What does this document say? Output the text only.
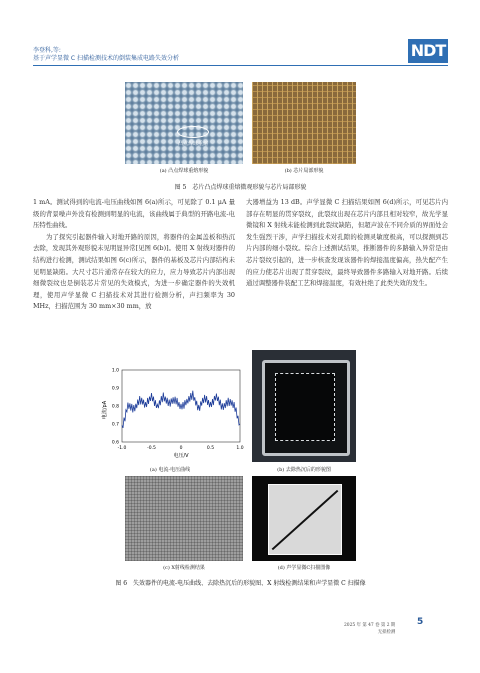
李登科,等:
基于声学显微 C 扫描检测技术的倒装集成电路失效分析	NDT
凸点焊球重熔
(a) 凸点焊球重熔形貌	(b) 芯片局部形貌
图 5　芯片凸点焊球重熔微观形貌与芯片局部形貌

1 mA。测试得到的电流-电压曲线如图 6(a)所示，可见除了 0.1 μA 量级的背景噪声外没有检测到明显的电流，该曲线属于典型的开路电流-电压特性曲线。

为了探究引起器件输入对地开路的原因，将器件的金属盖板和热沉去除，发现其外观形貌未见明显异常[见图 6(b)]。使用 X 射线对器件的结构进行检测，测试结果如图 6(c)所示，器件的基板及芯片内部结构未见明显缺陷。大尺寸芯片通常存在较大的应力，应力导致芯片内部出现细微裂纹也是倒装芯片常见的失效模式，为进一步确定器件的失效机理，使用声学显微 C 扫描技术对其进行检测分析，声扫频率为 30 MHz，扫描范围为 30 mm×30 mm，放

大器增益为 13 dB。声学显微 C 扫描结果如图 6(d)所示，可见芯片内部存在明显的贯穿裂纹，此裂纹出现在芯片内部且相对较窄，故光学显微镜和 X 射线未能检测到此裂纹缺陷，但超声波在不同介质的界面处会发生强烈干涉，声学扫描技术对孔隙的检测灵敏度极高，可以探测到芯片内部的细小裂纹。综合上述测试结果，推断器件的多路输入异常是由芯片裂纹引起的，进一步核查发现该器件的焊接温度偏高，热失配产生的应力使芯片出现了贯穿裂纹，最终导致器件多路输入对地开路。后续通过调整器件装配工艺和焊接温度，有效杜绝了此类失效的发生。

-1.0	-0.5	0	0.5	1.0
1.0
0.9
0.8
0.7
0.6
电流/pA
电压/V
(a) 电流-电压曲线	(b) 去除热沉后的形貌图
(c) X射线检测结果	(d) 声学显微C扫描图像
图 6　失效器件的电流-电压曲线、去除热沉后的形貌图、X 射线检测结果和声学显微 C 扫描像
5
2025 年 第 47 卷 第 2 期
无损检测
